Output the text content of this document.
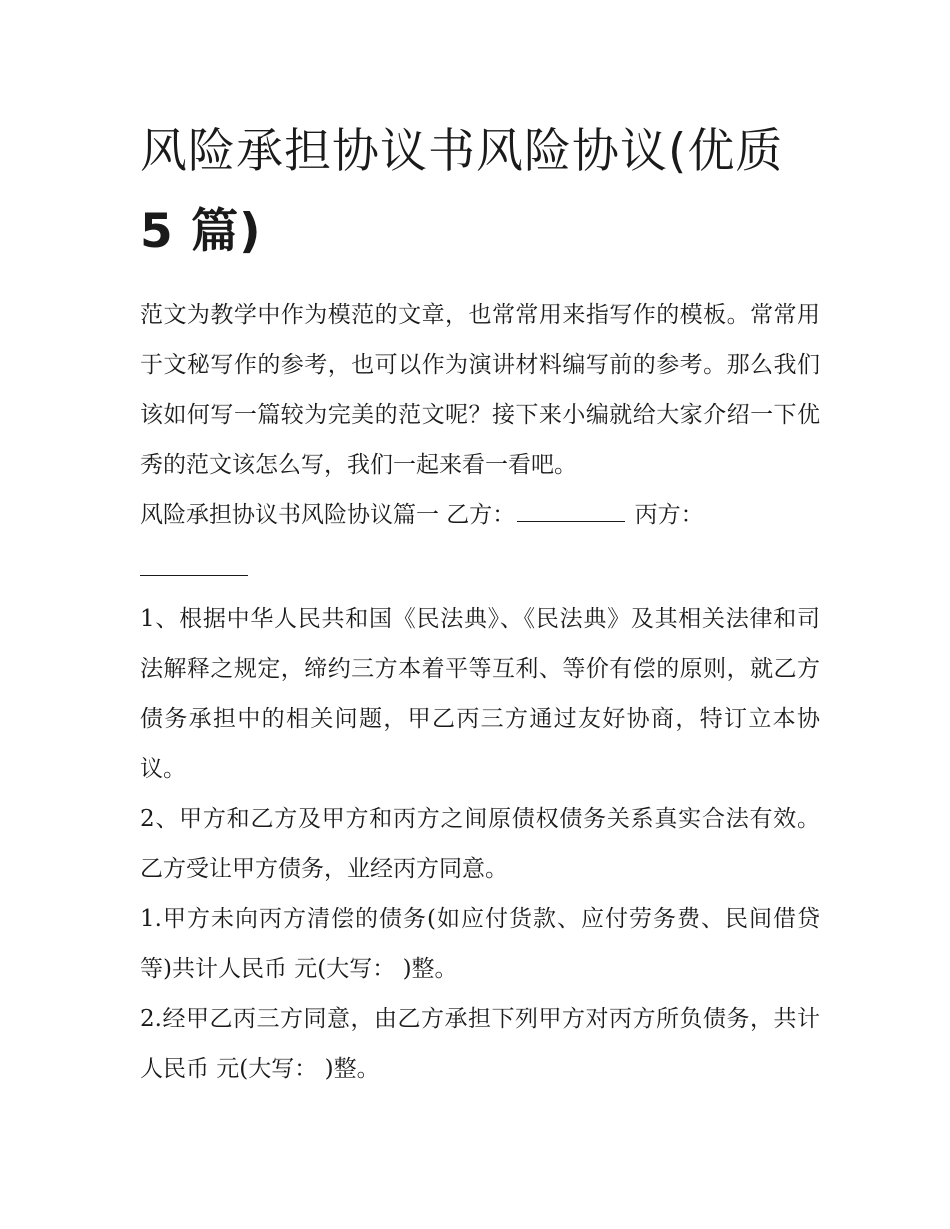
风险承担协议书风险协议(优质
5 篇)

范文为教学中作为模范的文章，也常常用来指写作的模板。常常用于文秘写作的参考，也可以作为演讲材料编写前的参考。那么我们该如何写一篇较为完美的范文呢？接下来小编就给大家介绍一下优秀的范文该怎么写，我们一起来看一看吧。

风险承担协议书风险协议篇一 乙方：	丙方：

1、根据中华人民共和国《民法典》、《民法典》及其相关法律和司法解释之规定，缔约三方本着平等互利、等价有偿的原则，就乙方债务承担中的相关问题，甲乙丙三方通过友好协商，特订立本协议。

2、甲方和乙方及甲方和丙方之间原债权债务关系真实合法有效。乙方受让甲方债务，业经丙方同意。

1.甲方未向丙方清偿的债务(如应付货款、应付劳务费、民间借贷等)共计人民币 元(大写： )整。

2.经甲乙丙三方同意，由乙方承担下列甲方对丙方所负债务，共计人民币 元(大写： )整。
